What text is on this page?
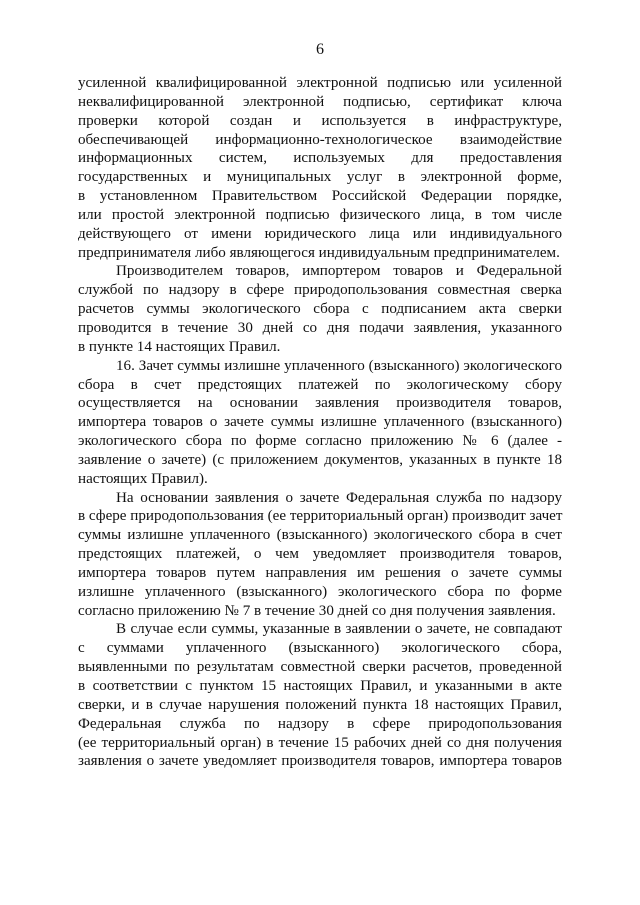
6
усиленной квалифицированной электронной подписью или усиленной
неквалифицированной электронной подписью, сертификат ключа
проверки которой создан и используется в инфраструктуре,
обеспечивающей информационно-технологическое взаимодействие
информационных систем, используемых для предоставления
государственных и муниципальных услуг в электронной форме,
в установленном Правительством Российской Федерации порядке,
или простой электронной подписью физического лица, в том числе
действующего от имени юридического лица или индивидуального
предпринимателя либо являющегося индивидуальным предпринимателем.
Производителем товаров, импортером товаров и Федеральной
службой по надзору в сфере природопользования совместная сверка
расчетов суммы экологического сбора с подписанием акта сверки
проводится в течение 30 дней со дня подачи заявления, указанного
в пункте 14 настоящих Правил.
16. Зачет суммы излишне уплаченного (взысканного) экологического
сбора в счет предстоящих платежей по экологическому сбору
осуществляется на основании заявления производителя товаров,
импортера товаров о зачете суммы излишне уплаченного (взысканного)
экологического сбора по форме согласно приложению № 6 (далее -
заявление о зачете) (с приложением документов, указанных в пункте 18
настоящих Правил).
На основании заявления о зачете Федеральная служба по надзору
в сфере природопользования (ее территориальный орган) производит зачет
суммы излишне уплаченного (взысканного) экологического сбора в счет
предстоящих платежей, о чем уведомляет производителя товаров,
импортера товаров путем направления им решения о зачете суммы
излишне уплаченного (взысканного) экологического сбора по форме
согласно приложению № 7 в течение 30 дней со дня получения заявления.
В случае если суммы, указанные в заявлении о зачете, не совпадают
с суммами уплаченного (взысканного) экологического сбора,
выявленными по результатам совместной сверки расчетов, проведенной
в соответствии с пунктом 15 настоящих Правил, и указанными в акте
сверки, и в случае нарушения положений пункта 18 настоящих Правил,
Федеральная служба по надзору в сфере природопользования
(ее территориальный орган) в течение 15 рабочих дней со дня получения
заявления о зачете уведомляет производителя товаров, импортера товаров
